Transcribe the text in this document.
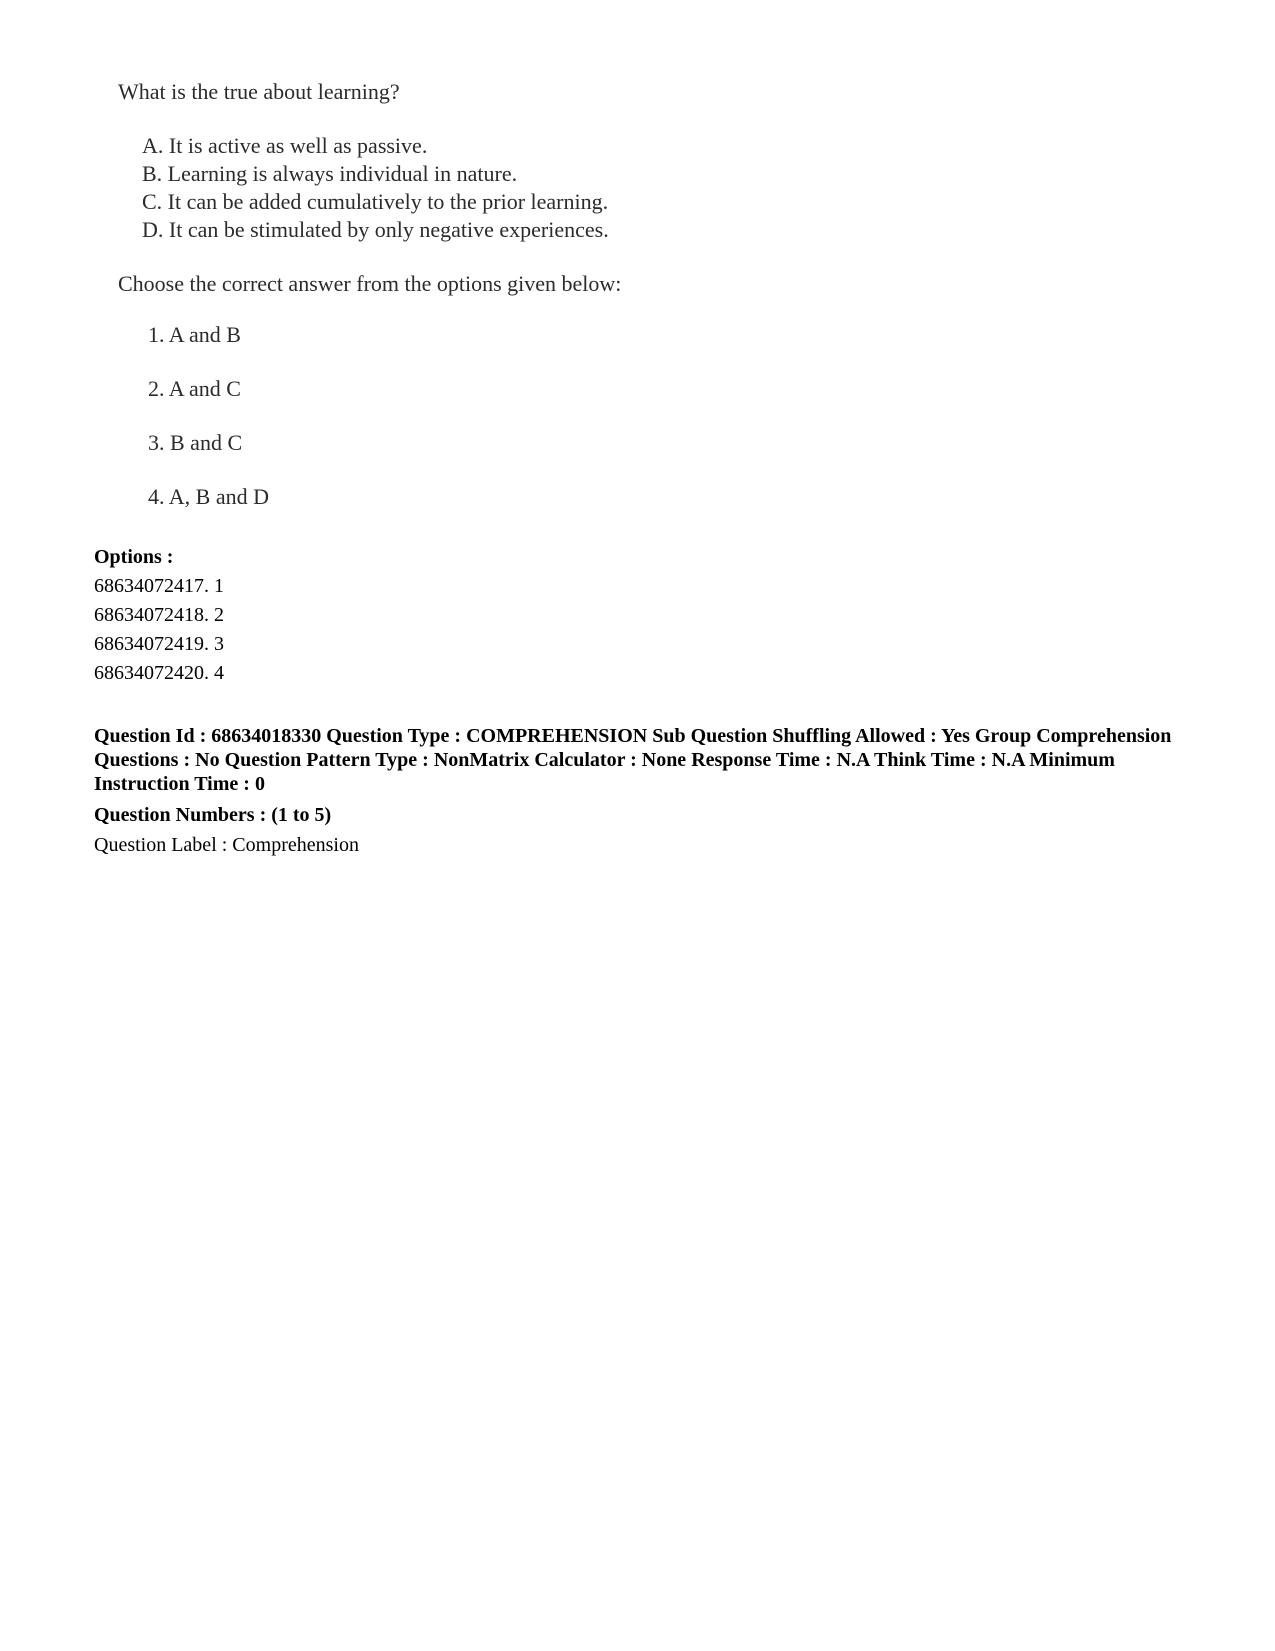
What is the true about learning?

A. It is active as well as passive.
B. Learning is always individual in nature.
C. It can be added cumulatively to the prior learning.
D. It can be stimulated by only negative experiences.

Choose the correct answer from the options given below:

1. A and B
2. A and C
3. B and C
4. A, B and D
Options :
68634072417. 1
68634072418. 2
68634072419. 3
68634072420. 4
Question Id : 68634018330 Question Type : COMPREHENSION Sub Question Shuffling Allowed : Yes Group Comprehension Questions : No Question Pattern Type : NonMatrix Calculator : None Response Time : N.A Think Time : N.A Minimum Instruction Time : 0
Question Numbers : (1 to 5)
Question Label : Comprehension
